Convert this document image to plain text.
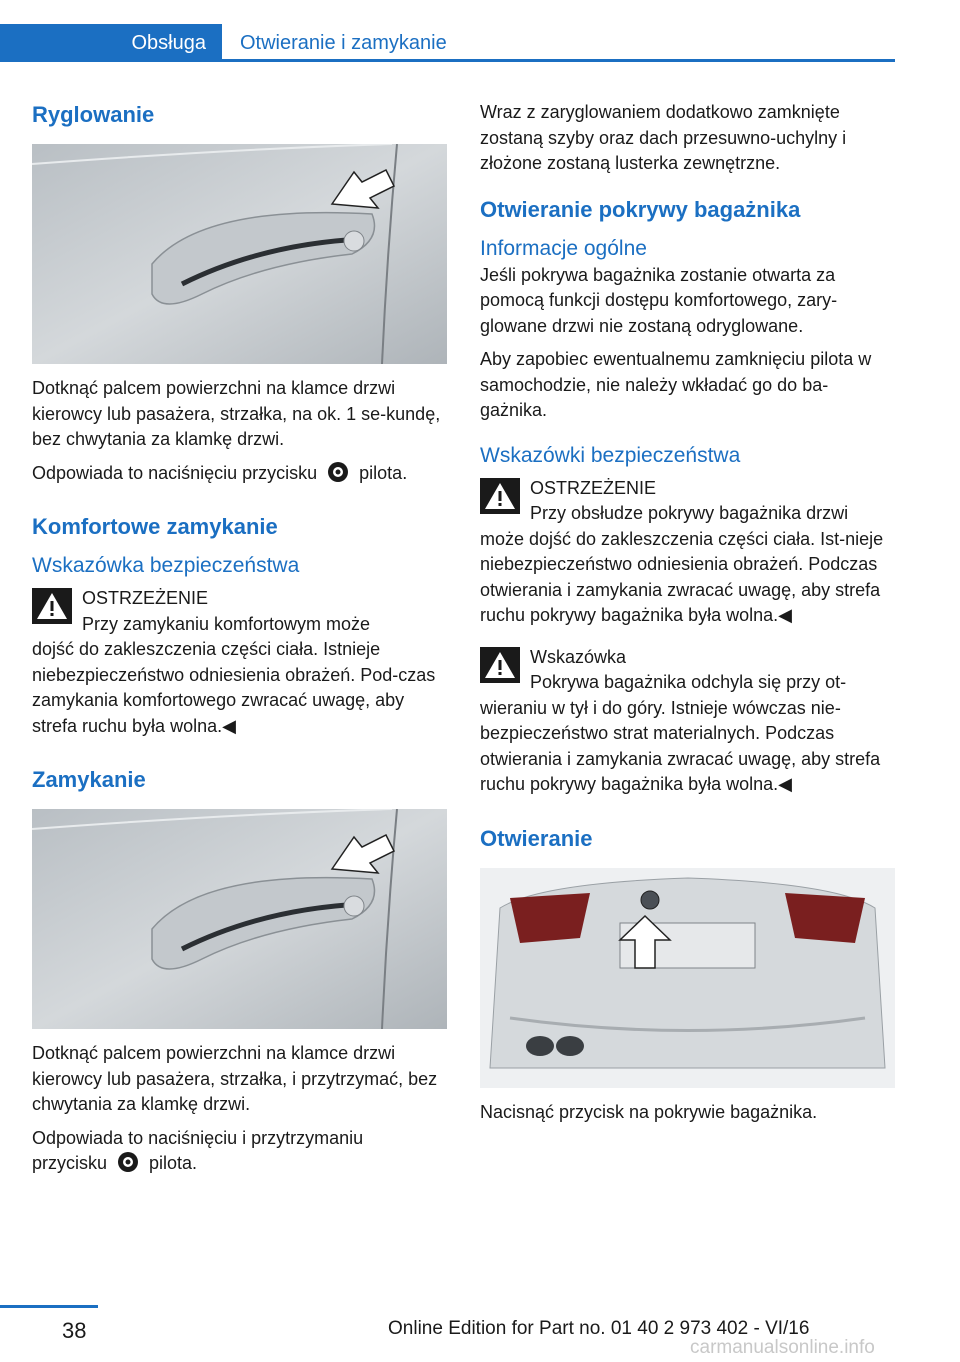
Obsługa	Otwieranie i zamykanie
Ryglowanie

Dotknąć palcem powierzchni na klamce drzwi kierowcy lub pasażera, strzałka, na ok. 1 se‐kundę, bez chwytania za klamkę drzwi.

Odpowiada to naciśnięciu przycisku pilota.

Komfortowe zamykanie
Wskazówka bezpieczeństwa

OSTRZEŻENIE

Przy zamykaniu komfortowym może

dojść do zakleszczenia części ciała. Istnieje niebezpieczeństwo odniesienia obrażeń. Pod‐czas zamykania komfortowego zwracać uwagę, aby strefa ruchu była wolna.◀

Zamykanie

Dotknąć palcem powierzchni na klamce drzwi kierowcy lub pasażera, strzałka, i przytrzymać, bez chwytania za klamkę drzwi.

Odpowiada to naciśnięciu i przytrzymaniu

przycisku pilota.

Wraz z zaryglowaniem dodatkowo zamknięte zostaną szyby oraz dach przesuwno-uchylny i złożone zostaną lusterka zewnętrzne.

Otwieranie pokrywy bagażnika
Informacje ogólne

Jeśli pokrywa bagażnika zostanie otwarta za pomocą funkcji dostępu komfortowego, zary‐glowane drzwi nie zostaną odryglowane.

Aby zapobiec ewentualnemu zamknięciu pilota w samochodzie, nie należy wkładać go do ba‐gażnika.

Wskazówki bezpieczeństwa

OSTRZEŻENIE

Przy obsłudze pokrywy bagażnika drzwi

może dojść do zakleszczenia części ciała. Ist‐nieje niebezpieczeństwo odniesienia obrażeń. Podczas otwierania i zamykania zwracać uwagę, aby strefa ruchu pokrywy bagażnika była wolna.◀

Wskazówka

Pokrywa bagażnika odchyla się przy ot‐

wieraniu w tył i do góry. Istnieje wówczas nie‐bezpieczeństwo strat materialnych. Podczas otwierania i zamykania zwracać uwagę, aby strefa ruchu pokrywy bagażnika była wolna.◀

Otwieranie

Nacisnąć przycisk na pokrywie bagażnika.

38	Online Edition for Part no. 01 40 2 973 402 - VI/16
carmanualsonline.info
